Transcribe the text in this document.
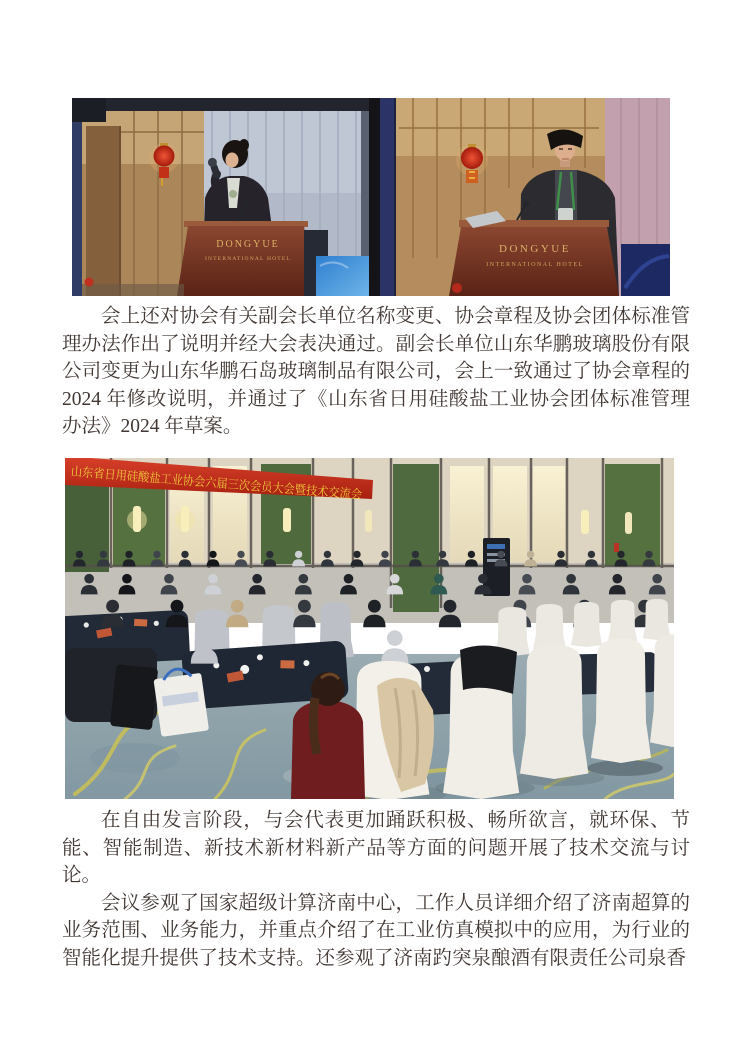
DONGYUE
INTERNATIONAL HOTEL
DONGYUE
INTERNATIONAL HOTEL

会上还对协会有关副会长单位名称变更、协会章程及协会团体标准管理办法作出了说明并经大会表决通过。副会长单位山东华鹏玻璃股份有限公司变更为山东华鹏石岛玻璃制品有限公司，会上一致通过了协会章程的2024 年修改说明，并通过了《山东省日用硅酸盐工业协会团体标准管理办法》2024 年草案。

山东省日用硅酸盐工业协会六届三次会员大会暨技术交流会

在自由发言阶段，与会代表更加踊跃积极、畅所欲言，就环保、节能、智能制造、新技术新材料新产品等方面的问题开展了技术交流与讨论。

会议参观了国家超级计算济南中心，工作人员详细介绍了济南超算的业务范围、业务能力，并重点介绍了在工业仿真模拟中的应用，为行业的智能化提升提供了技术支持。还参观了济南趵突泉酿酒有限责任公司泉香
